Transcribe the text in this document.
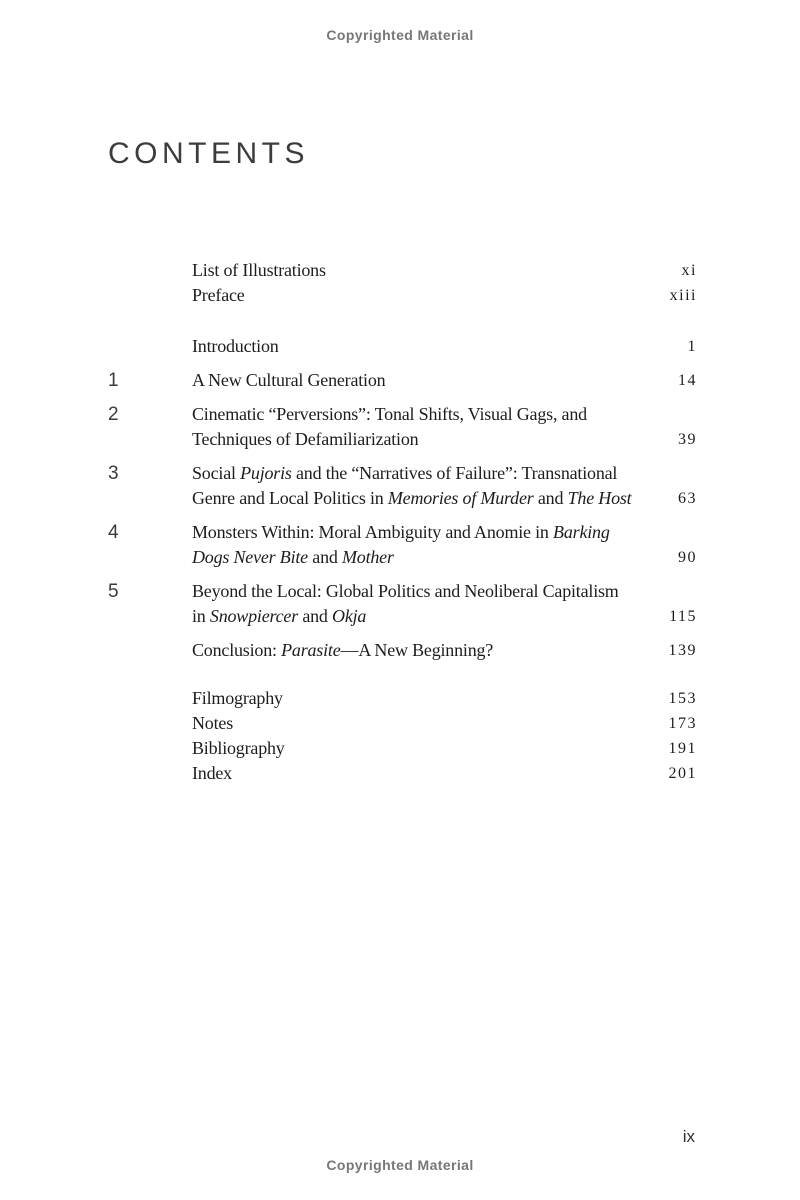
Copyrighted Material
CONTENTS
List of Illustrations	xi
Preface	xiii
Introduction	1
1	A New Cultural Generation	14
2	Cinematic “Perversions”: Tonal Shifts, Visual Gags, and
Techniques of Defamiliarization	39
3	Social Pujoris and the “Narratives of Failure”: Transnational
Genre and Local Politics in Memories of Murder and The Host	63
4	Monsters Within: Moral Ambiguity and Anomie in Barking
Dogs Never Bite and Mother	90
5	Beyond the Local: Global Politics and Neoliberal Capitalism
in Snowpiercer and Okja	115
Conclusion: Parasite—A New Beginning?	139
Filmography	153
Notes	173
Bibliography	191
Index	201
ix
Copyrighted Material
